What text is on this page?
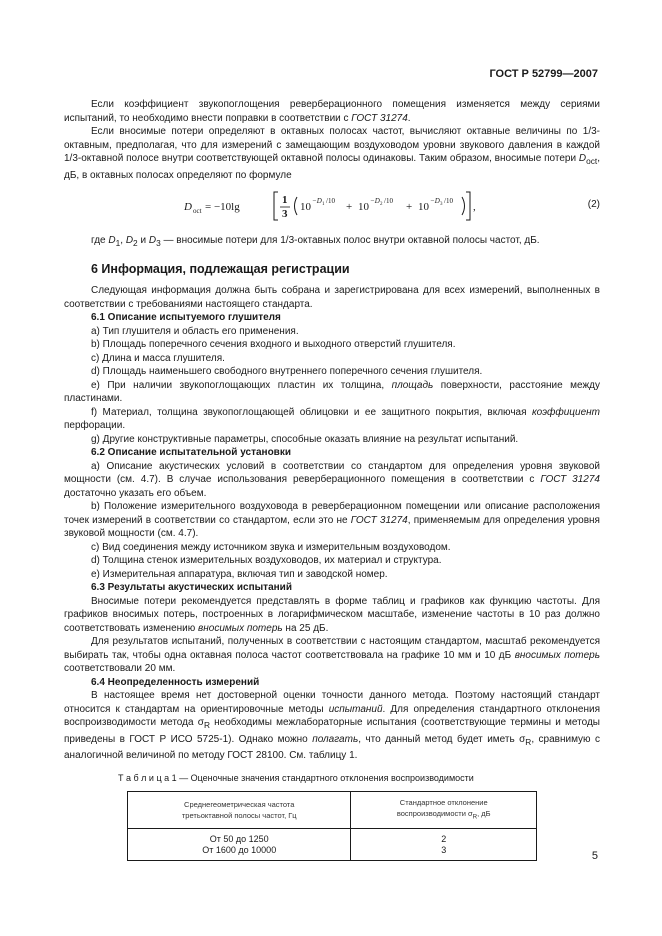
ГОСТ Р 52799—2007

Если коэффициент звукопоглощения реверберационного помещения изменяется между сериями испытаний, то необходимо внести поправки в соответствии с ГОСТ 31274.

Если вносимые потери определяют в октавных полосах частот, вычисляют октавные величины по 1/3-октавным, предполагая, что для измерений с замещающим воздуховодом уровни звукового давления в каждой 1/3-октавной полосе внутри соответствующей октавной полосы одинаковы. Таким образом, вносимые потери $D_{oct}$, дБ, в октавных полосах определяют по формуле

D oct = −10lg
1
3
10 −D 1 /10 + 10 −D 2 /10 + 10 −D 3 /10 ,	(2)

где $D_1$, $D_2$ и $D_3$ — вносимые потери для 1/3-октавных полос внутри октавной полосы частот, дБ.

6 Информация, подлежащая регистрации

Следующая информация должна быть собрана и зарегистрирована для всех измерений, выполненных в соответствии с требованиями настоящего стандарта.

6.1 Описание испытуемого глушителя

a) Тип глушителя и область его применения.

b) Площадь поперечного сечения входного и выходного отверстий глушителя.

c) Длина и масса глушителя.

d) Площадь наименьшего свободного внутреннего поперечного сечения глушителя.

е) При наличии звукопоглощающих пластин их толщина, площадь поверхности, расстояние между пластинами.

f) Материал, толщина звукопоглощающей облицовки и ее защитного покрытия, включая коэффициент перфорации.

g) Другие конструктивные параметры, способные оказать влияние на результат испытаний.

6.2 Описание испытательной установки

а) Описание акустических условий в соответствии со стандартом для определения уровня звуковой мощности (см. 4.7). В случае использования реверберационного помещения в соответствии с ГОСТ 31274 достаточно указать его объем.

b) Положение измерительного воздуховода в реверберационном помещении или описание расположения точек измерений в соответствии со стандартом, если это не ГОСТ 31274, применяемым для определения уровня звуковой мощности (см. 4.7).

с) Вид соединения между источником звука и измерительным воздуховодом.

d) Толщина стенок измерительных воздуховодов, их материал и структура.

е) Измерительная аппаратура, включая тип и заводской номер.

6.3 Результаты акустических испытаний

Вносимые потери рекомендуется представлять в форме таблиц и графиков как функцию частоты. Для графиков вносимых потерь, построенных в логарифмическом масштабе, изменение частоты в 10 раз должно соответствовать изменению вносимых потерь на 25 дБ.

Для результатов испытаний, полученных в соответствии с настоящим стандартом, масштаб рекомендуется выбирать так, чтобы одна октавная полоса частот соответствовала на графике 10 мм и 10 дБ вносимых потерь соответствовали 20 мм.

6.4 Неопределенность измерений

В настоящее время нет достоверной оценки точности данного метода. Поэтому настоящий стандарт относится к стандартам на ориентировочные методы испытаний. Для определения стандартного отклонения воспроизводимости метода $\sigma_R$ необходимы межлабораторные испытания (соответствующие термины и методы приведены в ГОСТ Р ИСО 5725-1). Однако можно полагать, что данный метод будет иметь $\sigma_R$, сравнимую с аналогичной величиной по методу ГОСТ 28100. См. таблицу 1.

Т а б л и ц а 1 — Оценочные значения стандартного отклонения воспроизводимости
Среднегеометрическая частота
третьоктавной полосы частот, Гц	Стандартное отклонение
воспроизводимости $\sigma_R$, дБ
От 50 до 1250	2
От 1600 до 10000	3
5
